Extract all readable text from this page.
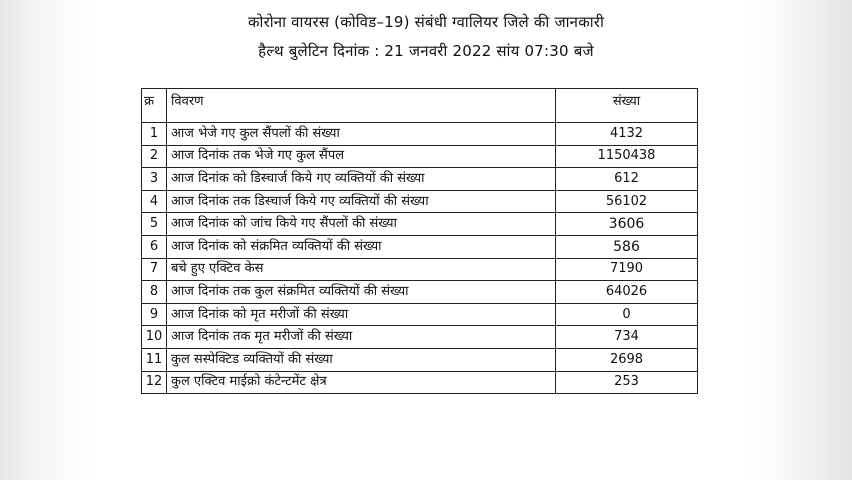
कोरोना वायरस (कोविड–19) संबंधी ग्वालियर जिले की जानकारी
हैल्थ बुलेटिन दिनांक : 21 जनवरी 2022 सांय 07:30 बजे
क्र	विवरण	संख्या
1	आज भेजे गए कुल सैंपलों की संख्या	4132
2	आज दिनांक तक भेजे गए कुल सैंपल	1150438
3	आज दिनांक को डिस्चार्ज किये गए व्यक्तियों की संख्या	612
4	आज दिनांक तक डिस्चार्ज किये गए व्यक्तियों की संख्या	56102
5	आज दिनांक को जांच किये गए सैंपलों की संख्या	3606
6	आज दिनांक को संक्रमित व्यक्तियों की संख्या	586
7	बचे हुए एक्टिव केस	7190
8	आज दिनांक तक कुल संक्रमित व्यक्तियों की संख्या	64026
9	आज दिनांक को मृत मरीजों की संख्या	0
10	आज दिनांक तक मृत मरीजों की संख्या	734
11	कुल सस्पेक्टिड व्यक्तियों की संख्या	2698
12	कुल एक्टिव माईक्रो कंटेन्टमेंट क्षेत्र	253
